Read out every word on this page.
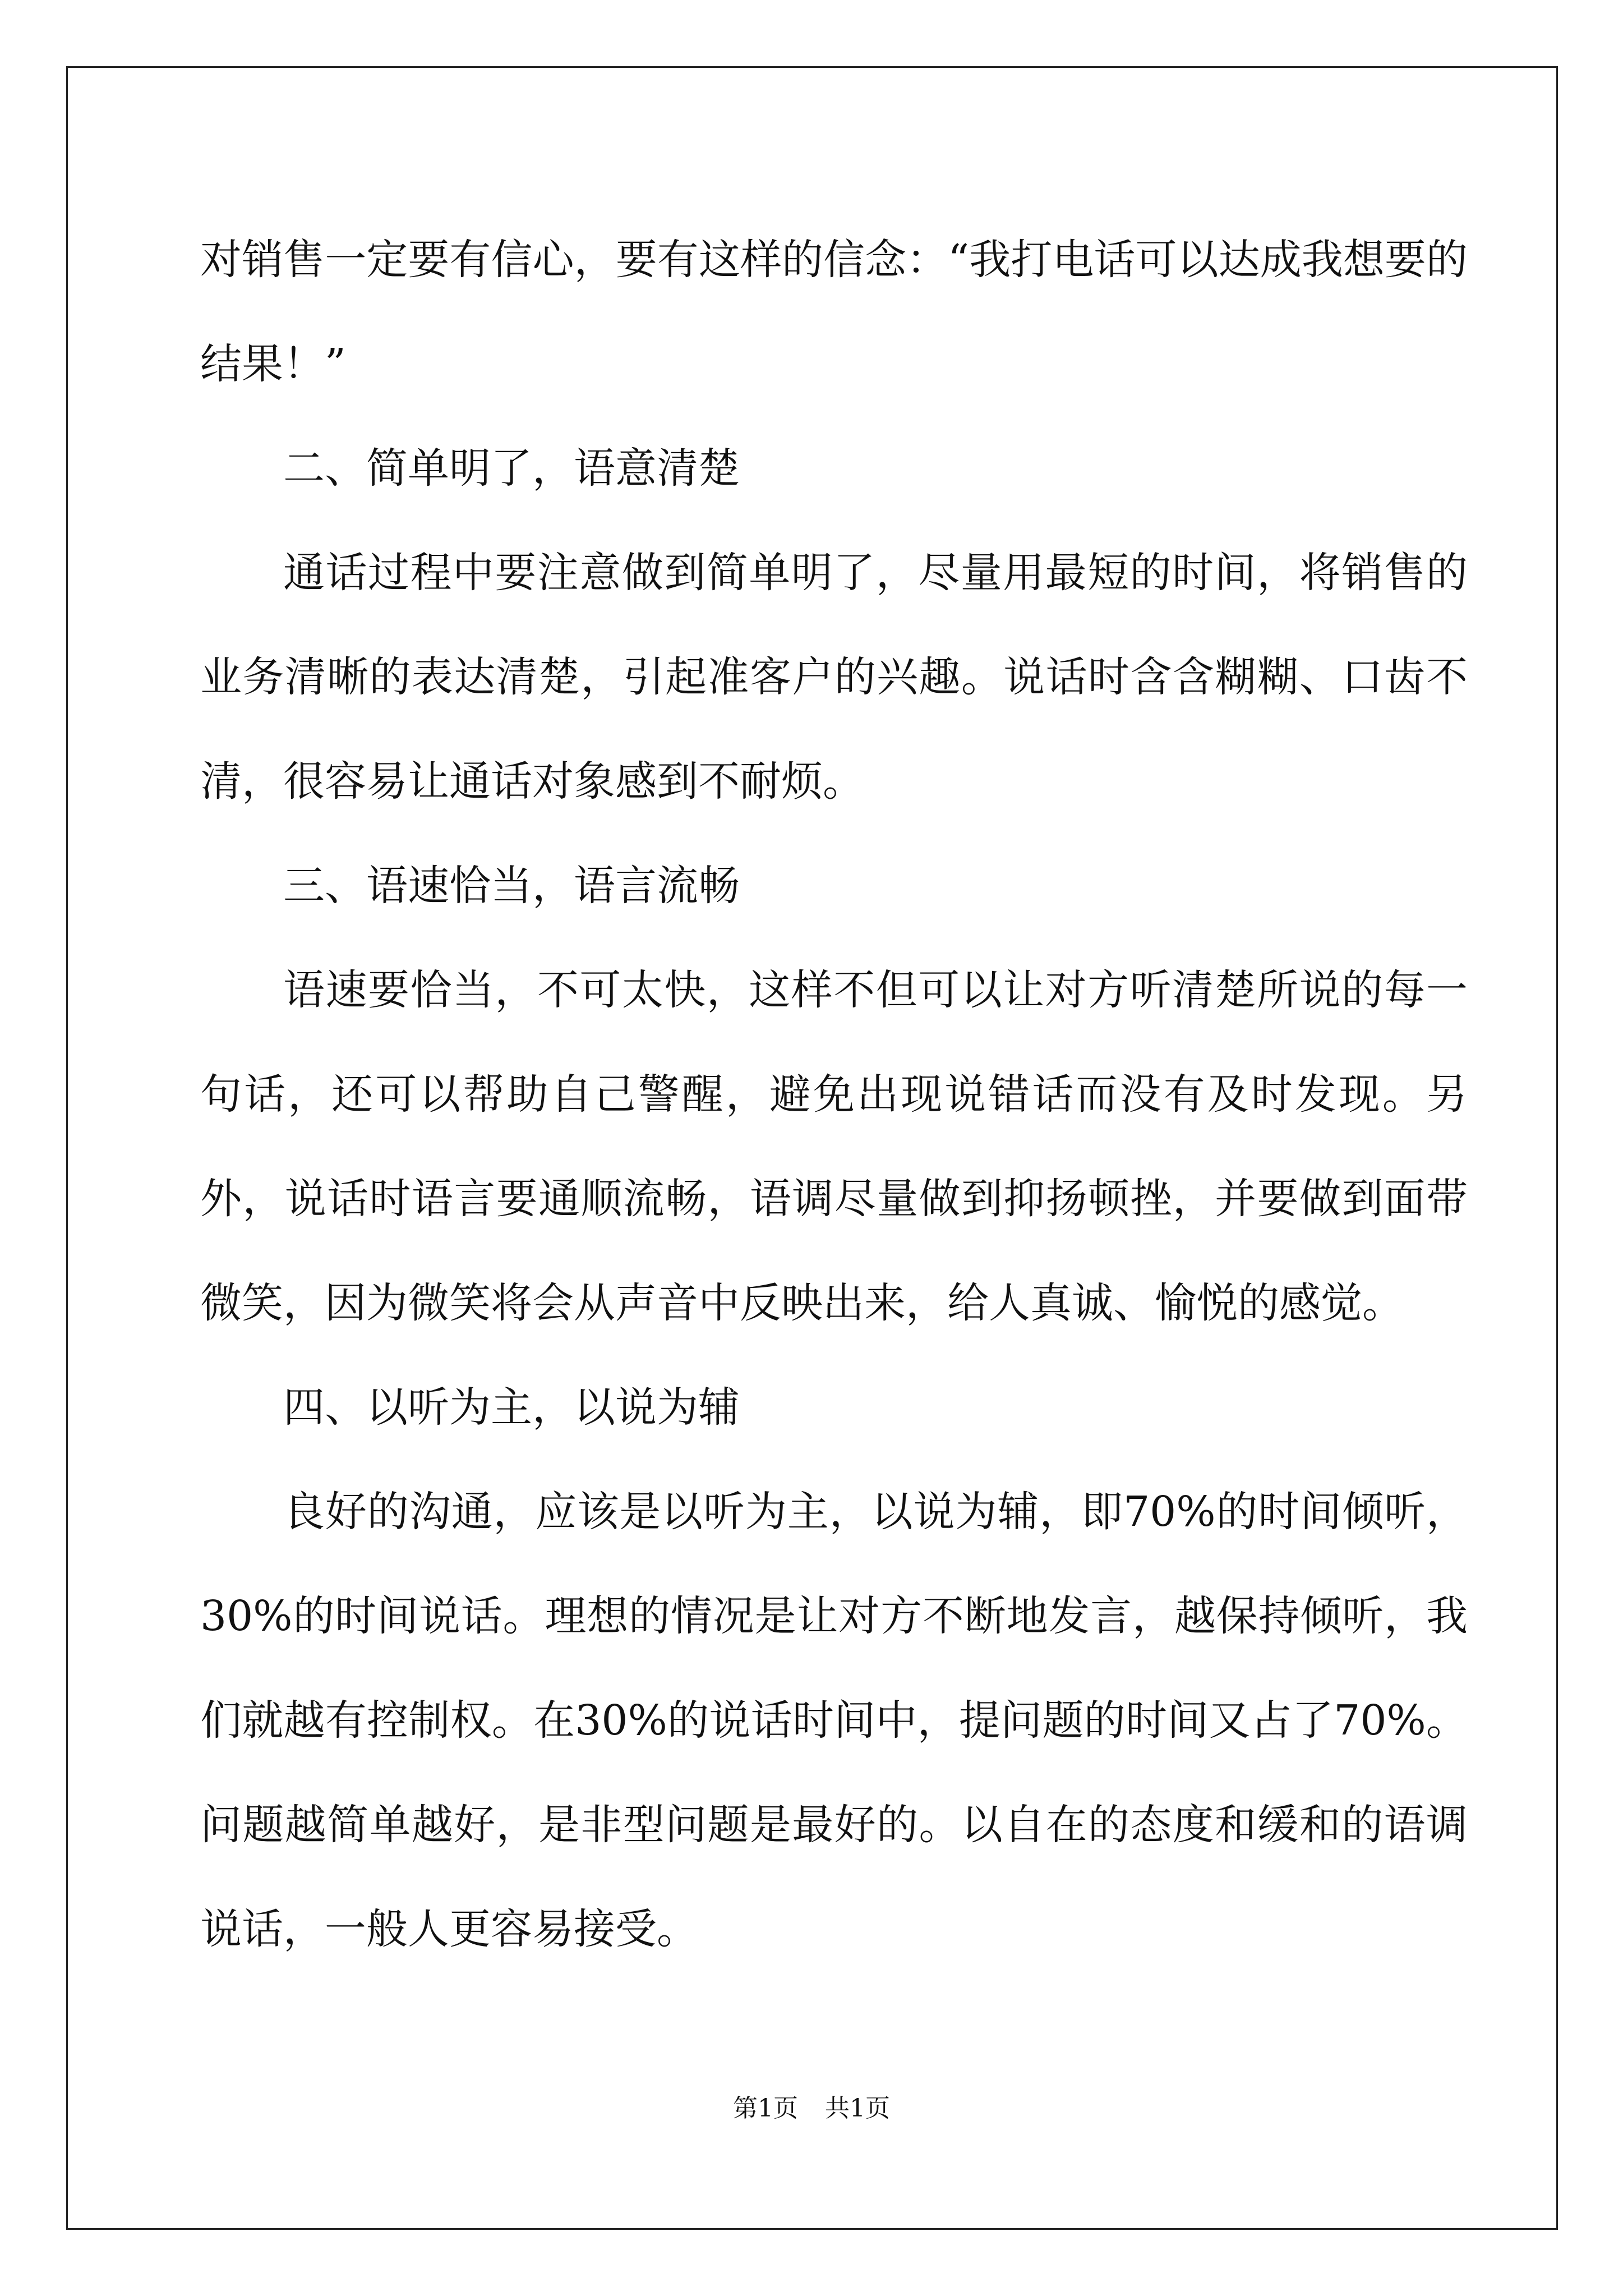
对销售一定要有信心，要有这样的信念：“我打电话可以达成我想要的结果！”

二、简单明了，语意清楚

通话过程中要注意做到简单明了，尽量用最短的时间，将销售的业务清晰的表达清楚，引起准客户的兴趣。说话时含含糊糊、口齿不清，很容易让通话对象感到不耐烦。

三、语速恰当，语言流畅

语速要恰当，不可太快，这样不但可以让对方听清楚所说的每一句话，还可以帮助自己警醒，避免出现说错话而没有及时发现。另外，说话时语言要通顺流畅，语调尽量做到抑扬顿挫，并要做到面带微笑，因为微笑将会从声音中反映出来，给人真诚、愉悦的感觉。

四、以听为主，以说为辅

良好的沟通，应该是以听为主，以说为辅，即70%的时间倾听，30%的时间说话。理想的情况是让对方不断地发言，越保持倾听，我们就越有控制权。在30%的说话时间中，提问题的时间又占了70%。问题越简单越好，是非型问题是最好的。以自在的态度和缓和的语调说话，一般人更容易接受。

第1页 共1页
